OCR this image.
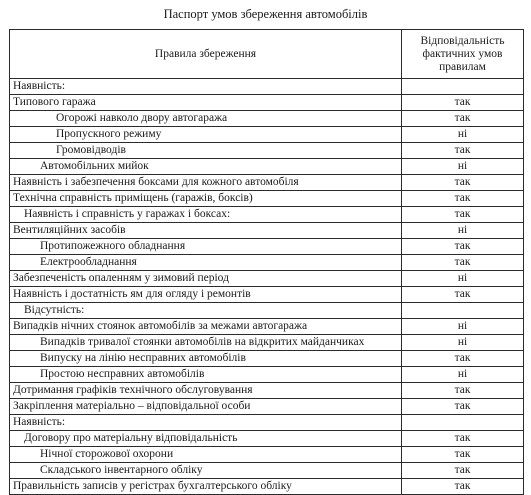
Паспорт умов збереження автомобілів
Правила збереження	Відповідальність фактичних умов правилам
Наявність:	
Типового гаража	так
Огорожі навколо двору автогаража	так
Пропускного режиму	ні
Громовідводів	так
Автомобільних мийок	ні
Наявність і забезпечення боксами для кожного автомобіля	так
Технічна справність приміщень (гаражів, боксів)	так
Наявність і справність у гаражах і боксах:	так
Вентиляційних засобів	ні
Протипожежного обладнання	так
Електрообладнання	так
Забезпеченість опаленням у зимовий період	ні
Наявність і достатність ям для огляду і ремонтів	так
Відсутність:	
Випадків нічних стоянок автомобілів за межами автогаража	ні
Випадків тривалої стоянки автомобілів на відкритих майданчиках	ні
Випуску на лінію несправних автомобілів	так
Простою несправних автомобілів	ні
Дотримання графіків технічного обслуговування	так
Закріплення матеріально – відповідальної особи	так
Наявність:	
Договору про матеріальну відповідальність	так
Нічної сторожової охорони	так
Складського інвентарного обліку	так
Правильність записів у регістрах бухгалтерського обліку	так
